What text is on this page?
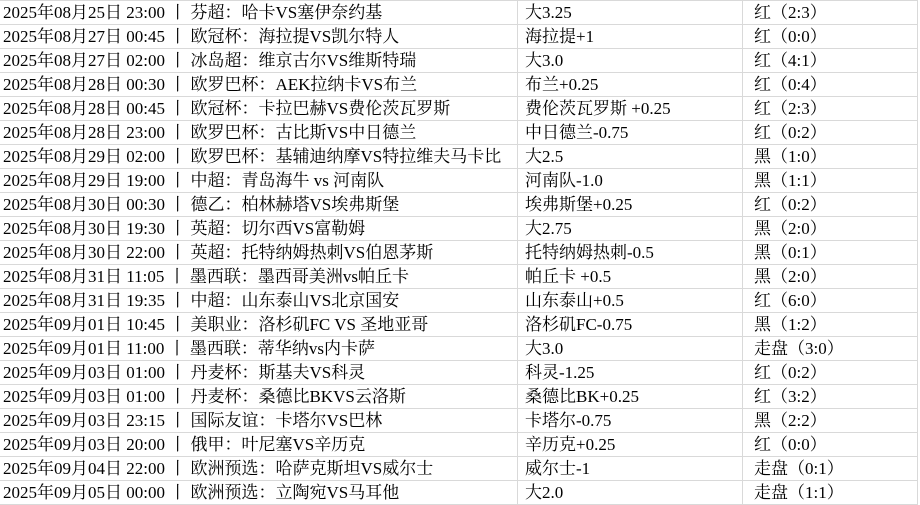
2025年08月25日 23:00 丨 芬超：哈卡VS塞伊奈约基	大3.25	红（2:3）
2025年08月27日 00:45 丨 欧冠杯：海拉提VS凯尔特人	海拉提+1	红（0:0）
2025年08月27日 02:00 丨 冰岛超：维京古尔VS维斯特瑞	大3.0	红（4:1）
2025年08月28日 00:30 丨 欧罗巴杯：AEK拉纳卡VS布兰	布兰+0.25	红（0:4）
2025年08月28日 00:45 丨 欧冠杯：卡拉巴赫VS费伦茨瓦罗斯	费伦茨瓦罗斯 +0.25	红（2:3）
2025年08月28日 23:00 丨 欧罗巴杯：古比斯VS中日德兰	中日德兰-0.75	红（0:2）
2025年08月29日 02:00 丨 欧罗巴杯：基辅迪纳摩VS特拉维夫马卡比	大2.5	黑（1:0）
2025年08月29日 19:00 丨 中超：青岛海牛 vs 河南队	河南队-1.0	黑（1:1）
2025年08月30日 00:30 丨 德乙：柏林赫塔VS埃弗斯堡	埃弗斯堡+0.25	红（0:2）
2025年08月30日 19:30 丨 英超：切尔西VS富勒姆	大2.75	黑（2:0）
2025年08月30日 22:00 丨 英超：托特纳姆热刺VS伯恩茅斯	托特纳姆热刺-0.5	黑（0:1）
2025年08月31日 11:05 丨 墨西联：墨西哥美洲vs帕丘卡	帕丘卡 +0.5	黑（2:0）
2025年08月31日 19:35 丨 中超：山东泰山VS北京国安	山东泰山+0.5	红（6:0）
2025年09月01日 10:45 丨 美职业：洛杉矶FC VS 圣地亚哥	洛杉矶FC-0.75	黑（1:2）
2025年09月01日 11:00 丨 墨西联：蒂华纳vs内卡萨	大3.0	走盘（3:0）
2025年09月03日 01:00 丨 丹麦杯：斯基夫VS科灵	科灵-1.25	红（0:2）
2025年09月03日 01:00 丨 丹麦杯：桑德比BKVS云洛斯	桑德比BK+0.25	红（3:2）
2025年09月03日 23:15 丨 国际友谊：卡塔尔VS巴林	卡塔尔-0.75	黑（2:2）
2025年09月03日 20:00 丨 俄甲：叶尼塞VS辛历克	辛历克+0.25	红（0:0）
2025年09月04日 22:00 丨 欧洲预选：哈萨克斯坦VS威尔士	威尔士-1	走盘（0:1）
2025年09月05日 00:00 丨 欧洲预选：立陶宛VS马耳他	大2.0	走盘（1:1）
